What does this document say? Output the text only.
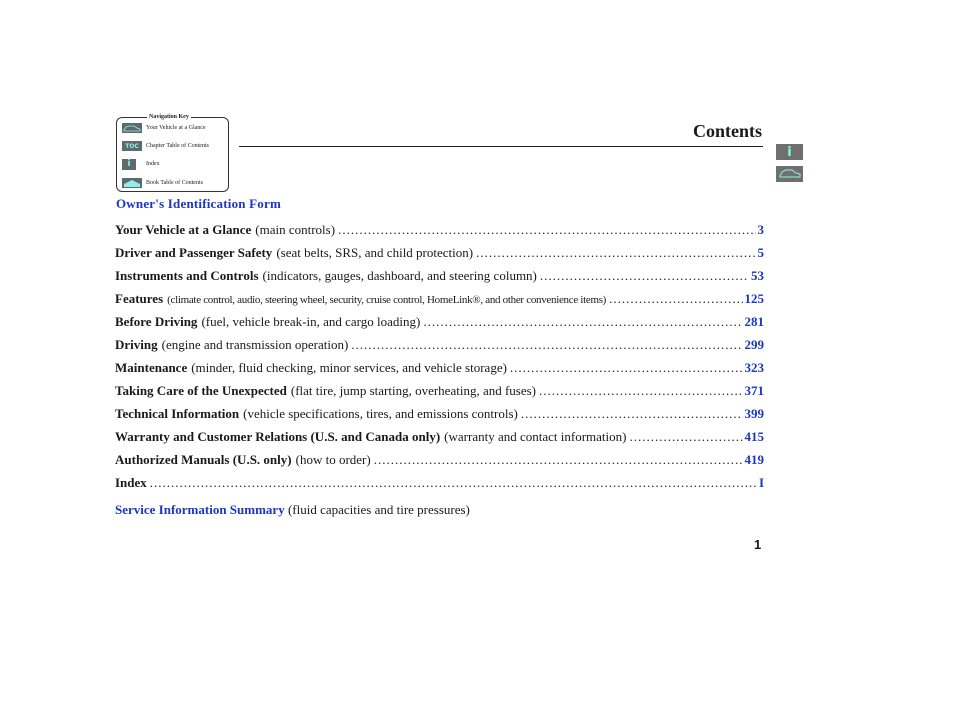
Navigation Key
Your Vehicle at a Glance
TOC	Chapter Table of Contents
i	Index
Book Table of Contents
Contents
i
Owner's Identification Form
Your Vehicle at a Glance (main controls) .....	3
Driver and Passenger Safety (seat belts, SRS, and child protection) .....	5
Instruments and Controls (indicators, gauges, dashboard, and steering column) .....	53
Features (climate control, audio, steering wheel, security, cruise control, HomeLink®, and other convenience items) .....	125
Before Driving (fuel, vehicle break-in, and cargo loading) .....	281
Driving (engine and transmission operation) .....	299
Maintenance (minder, fluid checking, minor services, and vehicle storage) .....	323
Taking Care of the Unexpected (flat tire, jump starting, overheating, and fuses) .....	371
Technical Information (vehicle specifications, tires, and emissions controls) .....	399
Warranty and Customer Relations (U.S. and Canada only) (warranty and contact information) .....	415
Authorized Manuals (U.S. only) (how to order) .....	419
Index .....	I
Service Information Summary (fluid capacities and tire pressures)
1
